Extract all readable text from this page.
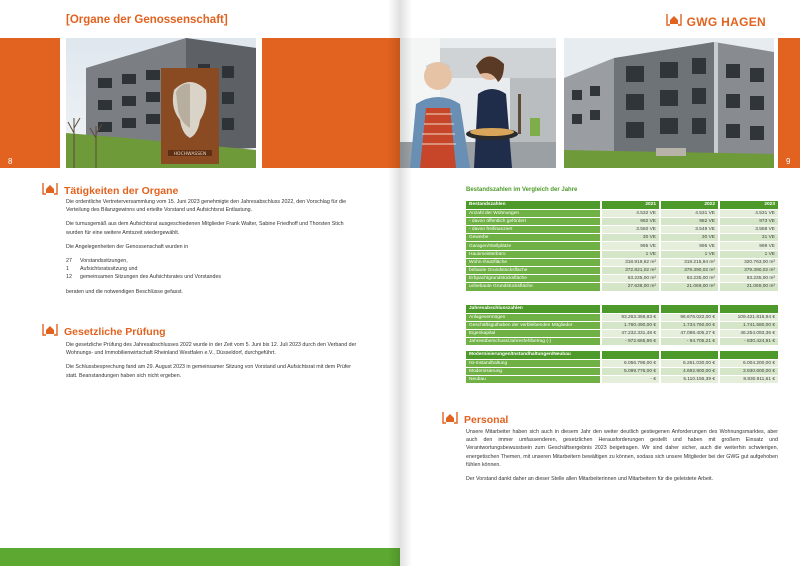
[Organe der Genossenschaft]
8
HOCHWASSEN
Tätigkeiten der Organe

Die ordentliche Vertreterversammlung vom 15. Juni 2023 genehmigte den Jahresabschluss 2022, den Vorschlag für die Verteilung des Bilanzgewinns und erteilte Vorstand und Aufsichtsrat Entlastung.

Die turnusgemäß aus dem Aufsichtsrat ausgeschiedenen Mitglieder Frank Walter, Sabine Friedhoff und Thorsten Stich wurden für eine weitere Amtszeit wiedergewählt.

Die Angelegenheiten der Genossenschaft wurden in

27	Vorstandssitzungen,
1	Aufsichtsratssitzung und
12	gemeinsamen Sitzungen des Aufsichtsrates und Vorstandes

beraten und die notwendigen Beschlüsse gefasst.

Gesetzliche Prüfung

Die gesetzliche Prüfung des Jahresabschlusses 2022 wurde in der Zeit vom 5. Juni bis 12. Juli 2023 durch den Verband der Wohnungs- und Immobilienwirtschaft Rheinland Westfalen e.V., Düsseldorf, durchgeführt.

Die Schlussbesprechung fand am 29. August 2023 in gemeinsamer Sitzung von Vorstand und Aufsichtsrat mit dem Prüfer statt. Beanstandungen haben sich nicht ergeben.

GWG HAGEN
9
Bestandszahlen im Vergleich der Jahre
Bestandszahlen	2021	2022	2023
Anzahl der Wohnungen	4.532 VE	4.531 VE	4.531 VE
- davon öffentlich gefördert	992 VE	982 VE	973 VE
- davon freifinanziert	3.550 VE	3.549 VE	3.558 VE
Gewerbe	30 VE	30 VE	31 VE
Garagen/Stellplätze	995 VE	995 VE	999 VE
Hausmeisterbüro	1 VE	1 VE	1 VE
Wohn-/Nutzfläche	318.919,62 m²	319.215,84 m²	320.763,00 m²
bebaute Grundstücksfläche	372.821,02 m²	379.390,02 m²	379.390,02 m²
Erbpachtgrundstücksfläche	63.235,00 m²	63.235,00 m²	63.235,00 m²
unbebaute Grundstücksfläche	27.638,00 m²	21.069,00 m²	21.069,00 m²
Jahresabschlusszahlen			
Anlagevermögen	93.263.359,83 €	96.676.022,00 €	109.421.816,94 €
Geschäftsguthaben der verbleibenden Mitglieder	1.760.490,00 €	1.734.760,00 €	1.741.580,00 €
Eigenkapital	47.232.331,48 €	47.098.406,27 €	46.254.093,36 €
Jahresüberschuss/Jahresfehlbetrag (-)	- 972.665,96 €	- 94.705,21 €	- 830.424,91 €
Modernisierungen/Instandhaltungen/Neubau			
Ist-Instandhaltung	6.056.796,00 €	6.261.030,00 €	6.004.200,00 €
Modernisierung	5.099.776,00 €	4.692.900,00 €	3.930.600,00 €
Neubau	- €	5.110.156,39 €	8.830.911,61 €
Personal

Unsere Mitarbeiter haben sich auch in diesem Jahr den weiter deutlich gestiegenen Anforderungen des Wohnungsmarktes, aber auch den immer umfassenderen, gesetzlichen Herausforderungen gestellt und haben mit großem Einsatz und Verantwortungsbewusstsein zum Geschäftsergebnis 2023 beigetragen. Wir sind daher sicher, auch die weiterhin schwierigen, energetischen Themen, mit unseren Mitarbeitern bewältigen zu können, sodass sich unsere Mitglieder bei der GWG gut aufgehoben fühlen können.

Der Vorstand dankt daher an dieser Stelle allen Mitarbeiterinnen und Mitarbeitern für die geleistete Arbeit.
